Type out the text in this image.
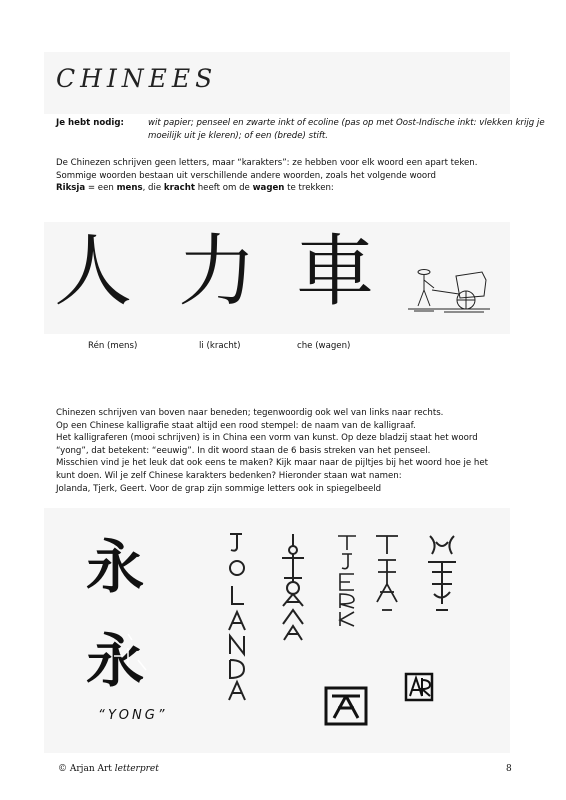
CHINEES
Je hebt nodig:	wit papier; penseel en zwarte inkt of ecoline (pas op met Oost-Indische inkt: vlekken krijg je moeilijk uit je kleren); of een (brede) stift.
De Chinezen schrijven geen letters, maar “karakters”: ze hebben voor elk woord een apart teken.
Sommige woorden bestaan uit verschillende andere woorden, zoals het volgende woord
Riksja = een mens, die kracht heeft om de wagen te trekken:
人 力 車
Rén (mens)	li (kracht)	che (wagen)
Chinezen schrijven van boven naar beneden; tegenwoordig ook wel van links naar rechts.
Op een Chinese kalligrafie staat altijd een rood stempel: de naam van de kalligraaf.
Het kalligraferen (mooi schrijven) is in China een vorm van kunst. Op deze bladzij staat het woord
“yong”, dat betekent: “eeuwig”. In dit woord staan de 6 basis streken van het penseel.
Misschien vind je het leuk dat ook eens te maken? Kijk maar naar de pijltjes bij het woord hoe je het
kunt doen. Wil je zelf Chinese karakters bedenken? Hieronder staan wat namen:
Jolanda, Tjerk, Geert. Voor de grap zijn sommige letters ook in spiegelbeeld
永
永
“YONG”
© Arjan Art letterpret	8
